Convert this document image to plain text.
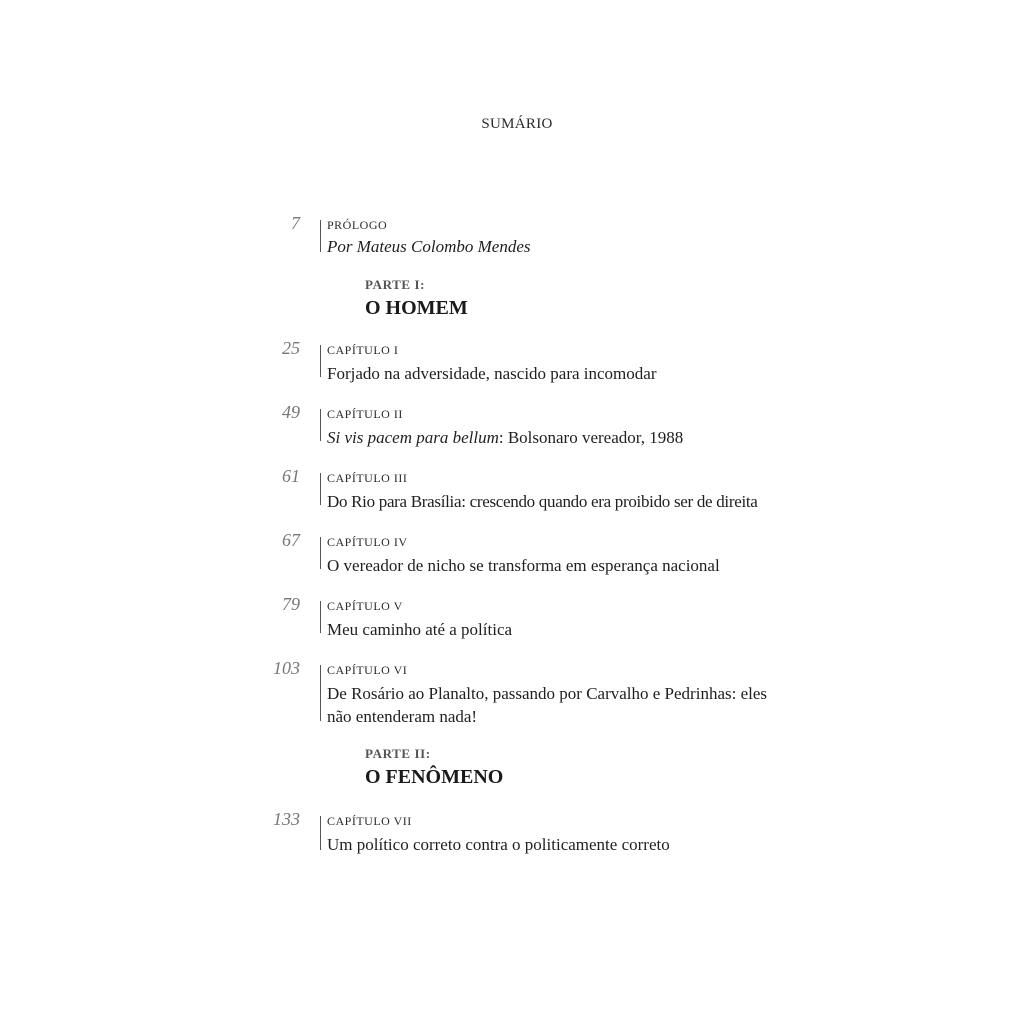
SUMÁRIO
7 PRÓLOGO
Por Mateus Colombo Mendes
PARTE I:
O HOMEM
25 CAPÍTULO I
Forjado na adversidade, nascido para incomodar
49 CAPÍTULO II
Si vis pacem para bellum: Bolsonaro vereador, 1988
61 CAPÍTULO III
Do Rio para Brasília: crescendo quando era proibido ser de direita
67 CAPÍTULO IV
O vereador de nicho se transforma em esperança nacional
79 CAPÍTULO V
Meu caminho até a política
103 CAPÍTULO VI
De Rosário ao Planalto, passando por Carvalho e Pedrinhas: eles não entenderam nada!
PARTE II:
O FENÔMENO
133 CAPÍTULO VII
Um político correto contra o politicamente correto
